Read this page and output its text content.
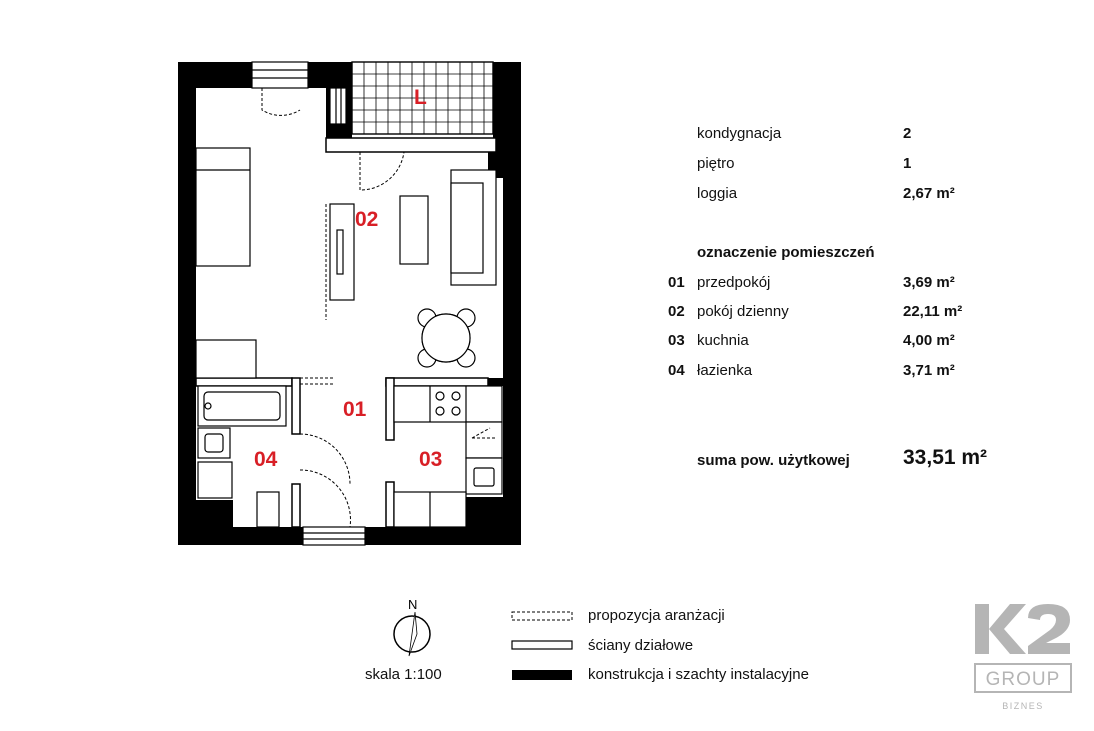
L
02
01
04	03
N
GROUP
BIZNES
kondygnacja	2
piętro	1
loggia	2,67 m²
oznaczenie pomieszczeń
01 przedpokój	3,69 m²
02 pokój dzienny	22,11 m²
03 kuchnia	4,00 m²
04 łazienka	3,71 m²
suma pow. użytkowej	33,51 m²
skala 1:100
propozycja aranżacji
ściany działowe
konstrukcja i szachty instalacyjne
